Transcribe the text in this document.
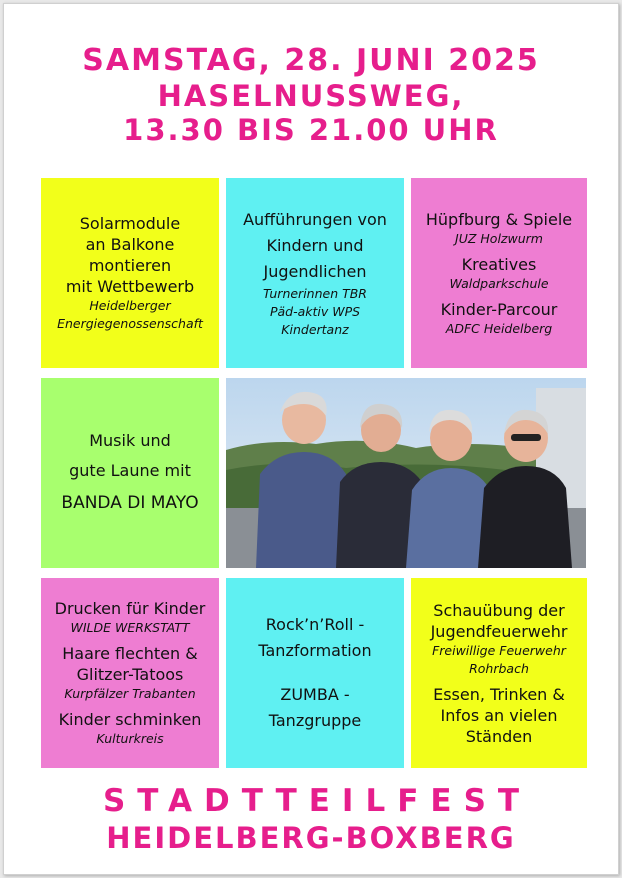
SAMSTAG, 28. JUNI 2025
HASELNUSSWEG,
13.30 BIS 21.00 UHR
Solarmodule
an Balkone
montieren
mit Wettbewerb
Heidelberger
Energiegenossenschaft
Aufführungen von
Kindern und
Jugendlichen
Turnerinnen TBR
Päd-aktiv WPS
Kindertanz
Hüpfburg & Spiele
JUZ Holzwurm
Kreatives
Waldparkschule
Kinder-Parcour
ADFC Heidelberg
Musik und
gute Laune mit
BANDA DI MAYO
Drucken für Kinder
WILDE WERKSTATT
Haare flechten &
Glitzer-Tatoos
Kurpfälzer Trabanten
Kinder schminken
Kulturkreis
Rock’n’Roll -
Tanzformation
ZUMBA -
Tanzgruppe
Schauübung der
Jugendfeuerwehr
Freiwillige Feuerwehr
Rohrbach
Essen, Trinken &
Infos an vielen
Ständen
STADTTEILFEST
HEIDELBERG-BOXBERG
